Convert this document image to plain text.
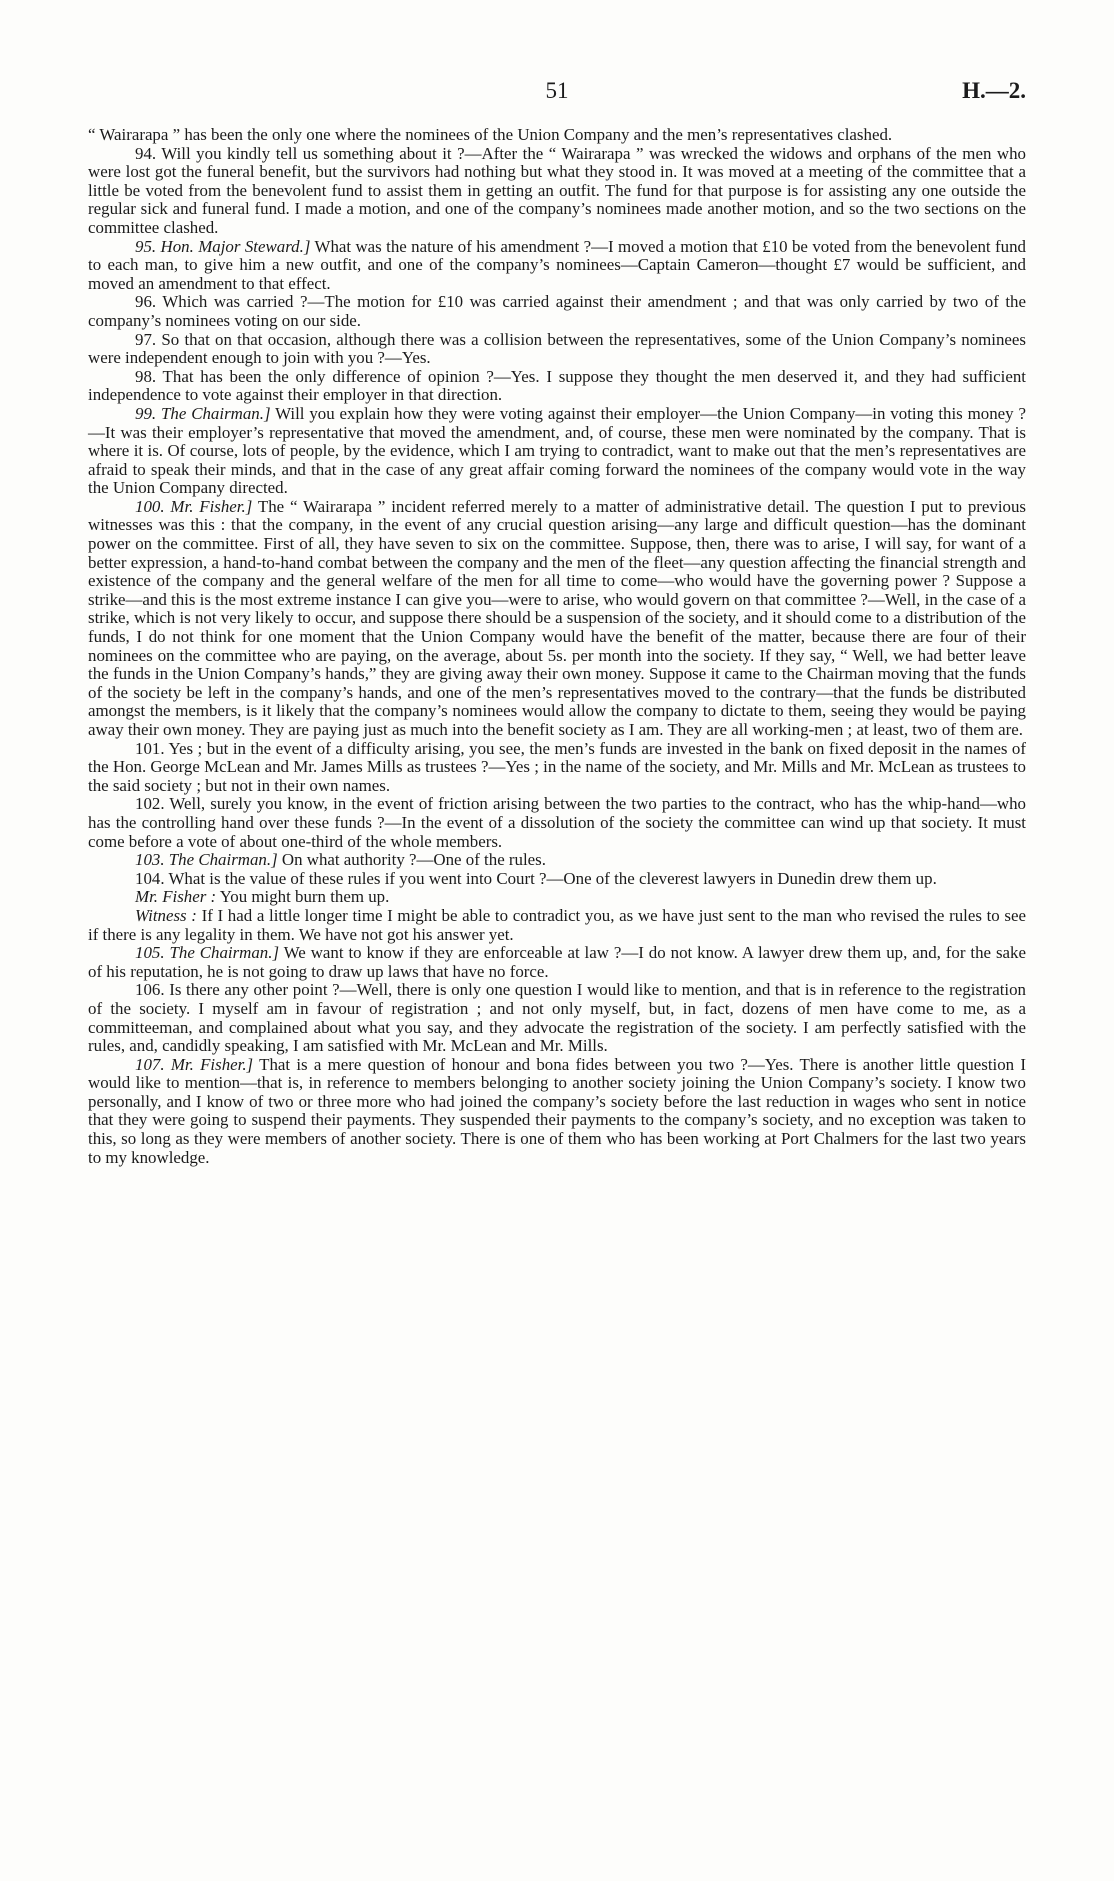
51	H.—2.

“ Wairarapa ” has been the only one where the nominees of the Union Company and the men’s representatives clashed.

94. Will you kindly tell us something about it ?—After the “ Wairarapa ” was wrecked the widows and orphans of the men who were lost got the funeral benefit, but the survivors had nothing but what they stood in. It was moved at a meeting of the committee that a little be voted from the benevolent fund to assist them in getting an outfit. The fund for that purpose is for assisting any one outside the regular sick and funeral fund. I made a motion, and one of the company’s nominees made another motion, and so the two sections on the committee clashed.

95. Hon. Major Steward.] What was the nature of his amendment ?—I moved a motion that £10 be voted from the benevolent fund to each man, to give him a new outfit, and one of the company’s nominees—Captain Cameron—thought £7 would be sufficient, and moved an amendment to that effect.

96. Which was carried ?—The motion for £10 was carried against their amendment ; and that was only carried by two of the company’s nominees voting on our side.

97. So that on that occasion, although there was a collision between the representatives, some of the Union Company’s nominees were independent enough to join with you ?—Yes.

98. That has been the only difference of opinion ?—Yes. I suppose they thought the men deserved it, and they had sufficient independence to vote against their employer in that direction.

99. The Chairman.] Will you explain how they were voting against their employer—the Union Company—in voting this money ?—It was their employer’s representative that moved the amendment, and, of course, these men were nominated by the company. That is where it is. Of course, lots of people, by the evidence, which I am trying to contradict, want to make out that the men’s representatives are afraid to speak their minds, and that in the case of any great affair coming forward the nominees of the company would vote in the way the Union Company directed.

100. Mr. Fisher.] The “ Wairarapa ” incident referred merely to a matter of administrative detail. The question I put to previous witnesses was this : that the company, in the event of any crucial question arising—any large and difficult question—has the dominant power on the committee. First of all, they have seven to six on the committee. Suppose, then, there was to arise, I will say, for want of a better expression, a hand-to-hand combat between the company and the men of the fleet—any question affecting the financial strength and existence of the company and the general welfare of the men for all time to come—who would have the governing power ? Suppose a strike—and this is the most extreme instance I can give you—were to arise, who would govern on that committee ?—Well, in the case of a strike, which is not very likely to occur, and suppose there should be a suspension of the society, and it should come to a distribution of the funds, I do not think for one moment that the Union Company would have the benefit of the matter, because there are four of their nominees on the committee who are paying, on the average, about 5s. per month into the society. If they say, “ Well, we had better leave the funds in the Union Company’s hands,” they are giving away their own money. Suppose it came to the Chairman moving that the funds of the society be left in the company’s hands, and one of the men’s representatives moved to the contrary—that the funds be distributed amongst the members, is it likely that the company’s nominees would allow the company to dictate to them, seeing they would be paying away their own money. They are paying just as much into the benefit society as I am. They are all working-men ; at least, two of them are.

101. Yes ; but in the event of a difficulty arising, you see, the men’s funds are invested in the bank on fixed deposit in the names of the Hon. George McLean and Mr. James Mills as trustees ?—Yes ; in the name of the society, and Mr. Mills and Mr. McLean as trustees to the said society ; but not in their own names.

102. Well, surely you know, in the event of friction arising between the two parties to the contract, who has the whip-hand—who has the controlling hand over these funds ?—In the event of a dissolution of the society the committee can wind up that society. It must come before a vote of about one-third of the whole members.

103. The Chairman.] On what authority ?—One of the rules.

104. What is the value of these rules if you went into Court ?—One of the cleverest lawyers in Dunedin drew them up.

Mr. Fisher : You might burn them up.

Witness : If I had a little longer time I might be able to contradict you, as we have just sent to the man who revised the rules to see if there is any legality in them. We have not got his answer yet.

105. The Chairman.] We want to know if they are enforceable at law ?—I do not know. A lawyer drew them up, and, for the sake of his reputation, he is not going to draw up laws that have no force.

106. Is there any other point ?—Well, there is only one question I would like to mention, and that is in reference to the registration of the society. I myself am in favour of registration ; and not only myself, but, in fact, dozens of men have come to me, as a committeeman, and complained about what you say, and they advocate the registration of the society. I am perfectly satisfied with the rules, and, candidly speaking, I am satisfied with Mr. McLean and Mr. Mills.

107. Mr. Fisher.] That is a mere question of honour and bona fides between you two ?—Yes. There is another little question I would like to mention—that is, in reference to members belonging to another society joining the Union Company’s society. I know two personally, and I know of two or three more who had joined the company’s society before the last reduction in wages who sent in notice that they were going to suspend their payments. They suspended their payments to the company’s society, and no exception was taken to this, so long as they were members of another society. There is one of them who has been working at Port Chalmers for the last two years to my knowledge.
